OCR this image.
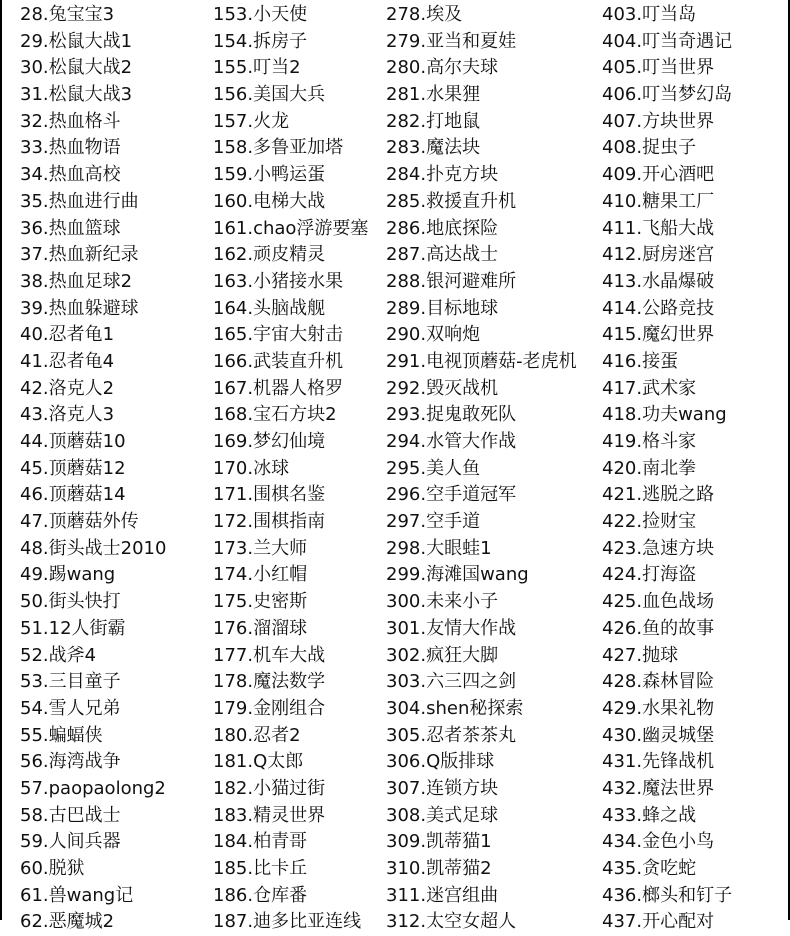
28.兔宝宝3
29.松鼠大战1
30.松鼠大战2
31.松鼠大战3
32.热血格斗
33.热血物语
34.热血高校
35.热血进行曲
36.热血篮球
37.热血新纪录
38.热血足球2
39.热血躲避球
40.忍者龟1
41.忍者龟4
42.洛克人2
43.洛克人3
44.顶蘑菇10
45.顶蘑菇12
46.顶蘑菇14
47.顶蘑菇外传
48.街头战士2010
49.踢wang
50.街头快打
51.12人街霸
52.战斧4
53.三目童子
54.雪人兄弟
55.蝙蝠侠
56.海湾战争
57.paopaolong2
58.古巴战士
59.人间兵器
60.脱狱
61.兽wang记
62.恶魔城2
153.小天使
154.拆房子
155.叮当2
156.美国大兵
157.火龙
158.多鲁亚加塔
159.小鸭运蛋
160.电梯大战
161.chao浮游要塞
162.顽皮精灵
163.小猪接水果
164.头脑战舰
165.宇宙大射击
166.武装直升机
167.机器人格罗
168.宝石方块2
169.梦幻仙境
170.冰球
171.围棋名鉴
172.围棋指南
173.兰大师
174.小红帽
175.史密斯
176.溜溜球
177.机车大战
178.魔法数学
179.金刚组合
180.忍者2
181.Q太郎
182.小猫过街
183.精灵世界
184.柏青哥
185.比卡丘
186.仓库番
187.迪多比亚连线
278.埃及
279.亚当和夏娃
280.高尔夫球
281.水果狸
282.打地鼠
283.魔法块
284.扑克方块
285.救援直升机
286.地底探险
287.高达战士
288.银河避难所
289.目标地球
290.双响炮
291.电视顶蘑菇-老虎机
292.毁灭战机
293.捉鬼敢死队
294.水管大作战
295.美人鱼
296.空手道冠军
297.空手道
298.大眼蛙1
299.海滩国wang
300.未来小子
301.友情大作战
302.疯狂大脚
303.六三四之剑
304.shen秘探索
305.忍者茶茶丸
306.Q版排球
307.连锁方块
308.美式足球
309.凯蒂猫1
310.凯蒂猫2
311.迷宫组曲
312.太空女超人
403.叮当岛
404.叮当奇遇记
405.叮当世界
406.叮当梦幻岛
407.方块世界
408.捉虫子
409.开心酒吧
410.糖果工厂
411.飞船大战
412.厨房迷宫
413.水晶爆破
414.公路竞技
415.魔幻世界
416.接蛋
417.武术家
418.功夫wang
419.格斗家
420.南北拳
421.逃脱之路
422.捡财宝
423.急速方块
424.打海盗
425.血色战场
426.鱼的故事
427.抛球
428.森林冒险
429.水果礼物
430.幽灵城堡
431.先锋战机
432.魔法世界
433.蜂之战
434.金色小鸟
435.贪吃蛇
436.榔头和钉子
437.开心配对
